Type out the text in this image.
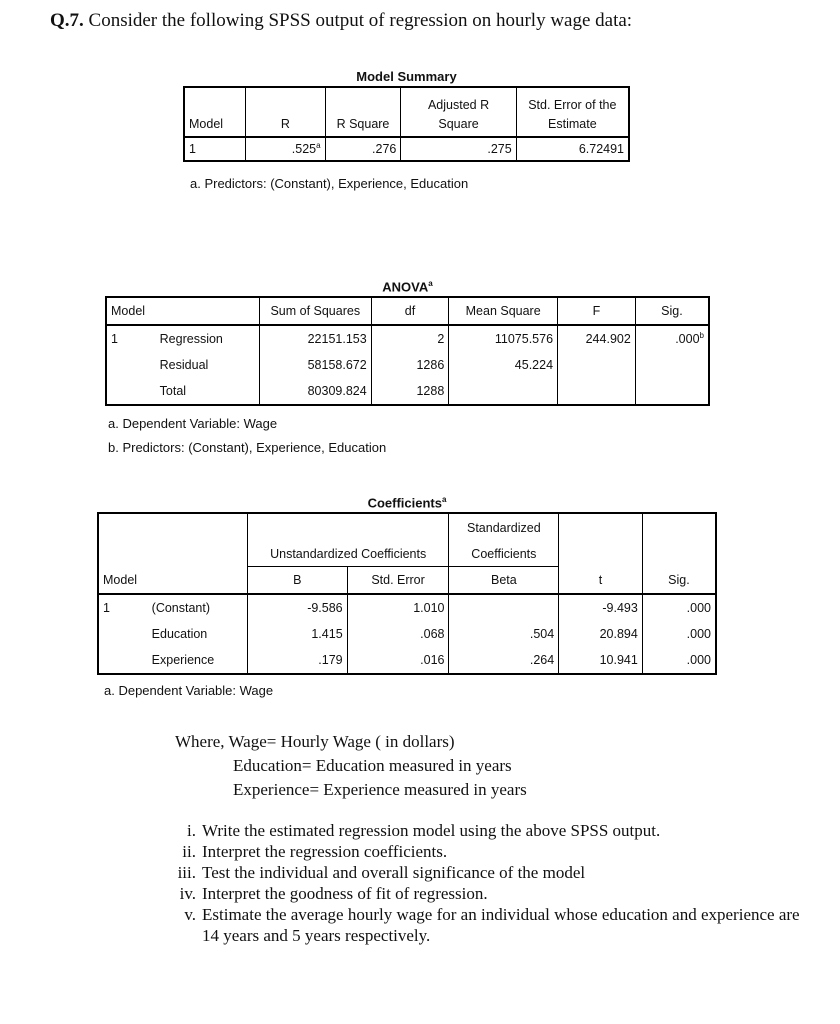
Q.7. Consider the following SPSS output of regression on hourly wage data:
Model Summary
			Adjusted R	Std. Error of the
Model	R	R Square	Square	Estimate
1	.525$^a$	.276	.275	6.72491
a. Predictors: (Constant), Experience, Education
ANOVA$^a$
Model		Sum of Squares	df	Mean Square	F	Sig.
1	Regression	22151.153	2	11075.576	244.902	.000$^b$
	Residual	58158.672	1286	45.224		
	Total	80309.824	1288			
a. Dependent Variable: Wage
b. Predictors: (Constant), Experience, Education
Coefficients$^a$
				Standardized		
		Unstandardized Coefficients		Coefficients		
Model		B	Std. Error	Beta	t	Sig.
1	(Constant)	-9.586	1.010		-9.493	.000
	Education	1.415	.068	.504	20.894	.000
	Experience	.179	.016	.264	10.941	.000
a. Dependent Variable: Wage
Where, Wage= Hourly Wage ( in dollars)
Education= Education measured in years
Experience= Experience measured in years
i. Write the estimated regression model using the above SPSS output.
ii. Interpret the regression coefficients.
iii. Test the individual and overall significance of the model
iv. Interpret the goodness of fit of regression.
v. Estimate the average hourly wage for an individual whose education and experience are 14 years and 5 years respectively.
